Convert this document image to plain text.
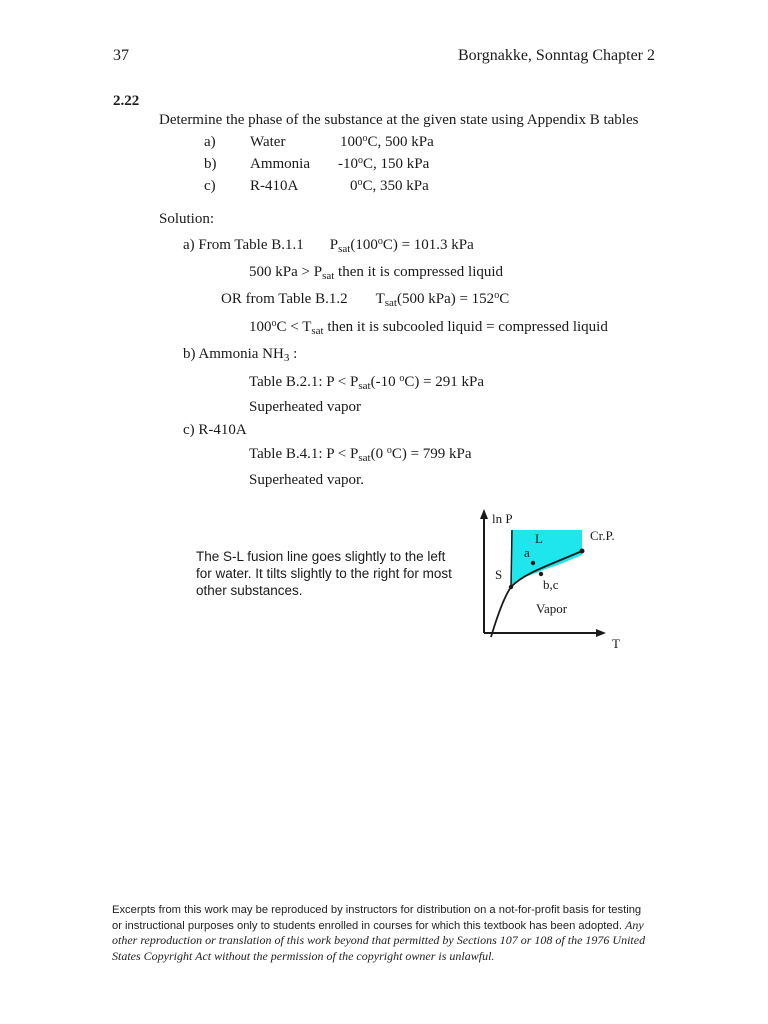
37	Borgnakke, Sonntag Chapter 2
2.22
Determine the phase of the substance at the given state using Appendix B tables
a) Water	100$^o$C, 500 kPa
b) Ammonia -10$^o$C, 150 kPa
c) R-410A	0$^o$C, 350 kPa
Solution:
a) From Table B.1.1 $P_{sat}(100^oC) = 101.3$ kPa
500 kPa > $P_{sat}$ then it is compressed liquid
OR from Table B.1.2 $T_{sat}(500$ $kPa) = 152^oC$
$100^oC < T_{sat}$ then it is subcooled liquid = compressed liquid
b) Ammonia $NH_3$ :
Table B.2.1: $P < P_{sat}(-10$ $^o$C) = 291 kPa
Superheated vapor
c) R-410A
Table B.4.1: $P < P_{sat}(0$ $^o$C) = 799 kPa
Superheated vapor.
The S-L fusion line goes slightly to the left for water. It tilts slightly to the right for most other substances.
ln P
T
L
S
Cr.P.
a
b,c
Vapor
Excerpts from this work may be reproduced by instructors for distribution on a not-for-profit basis for testing or instructional purposes only to students enrolled in courses for which this textbook has been adopted. Any other reproduction or translation of this work beyond that permitted by Sections 107 or 108 of the 1976 United States Copyright Act without the permission of the copyright owner is unlawful.
